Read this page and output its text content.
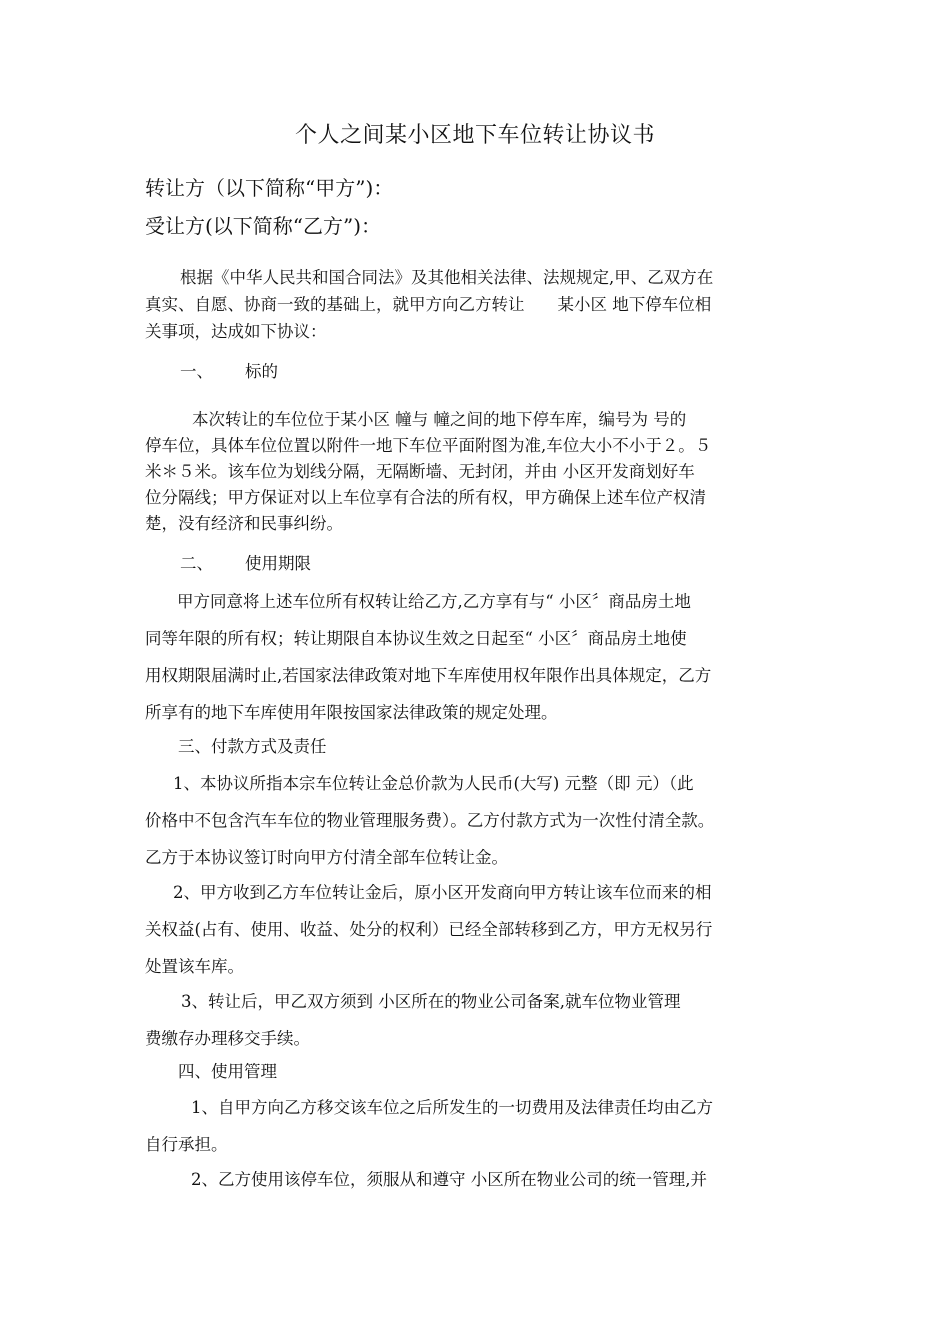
个人之间某小区地下车位转让协议书
转让方（以下简称“甲方”)：
受让方(以下简称“乙方”)：
根据《中华人民共和国合同法》及其他相关法律、法规规定,甲、乙双方在
真实、自愿、协商一致的基础上，就甲方向乙方转让　　某小区 地下停车位相
关事项，达成如下协议：
一、 标的
本次转让的车位位于某小区 幢与 幢之间的地下停车库，编号为 号的
停车位，具体车位位置以附件一地下车位平面附图为准,车位大小不小于２。５
米＊５米。该车位为划线分隔，无隔断墙、无封闭，并由 小区开发商划好车
位分隔线；甲方保证对以上车位享有合法的所有权，甲方确保上述车位产权清
楚，没有经济和民事纠纷。
二、 使用期限
甲方同意将上述车位所有权转让给乙方,乙方享有与“ 小区〞商品房土地
同等年限的所有权；转让期限自本协议生效之日起至“ 小区〞商品房土地使
用权期限届满时止,若国家法律政策对地下车库使用权年限作出具体规定，乙方
所享有的地下车库使用年限按国家法律政策的规定处理。
三、付款方式及责任
1、本协议所指本宗车位转让金总价款为人民币(大写) 元整（即 元）（此
价格中不包含汽车车位的物业管理服务费）。乙方付款方式为一次性付清全款。
乙方于本协议签订时向甲方付清全部车位转让金。
2、甲方收到乙方车位转让金后，原小区开发商向甲方转让该车位而来的相
关权益(占有、使用、收益、处分的权利）已经全部转移到乙方，甲方无权另行
处置该车库。
3、转让后，甲乙双方须到 小区所在的物业公司备案,就车位物业管理
费缴存办理移交手续。
四、使用管理
1、自甲方向乙方移交该车位之后所发生的一切费用及法律责任均由乙方
自行承担。
2、乙方使用该停车位，须服从和遵守 小区所在物业公司的统一管理,并
